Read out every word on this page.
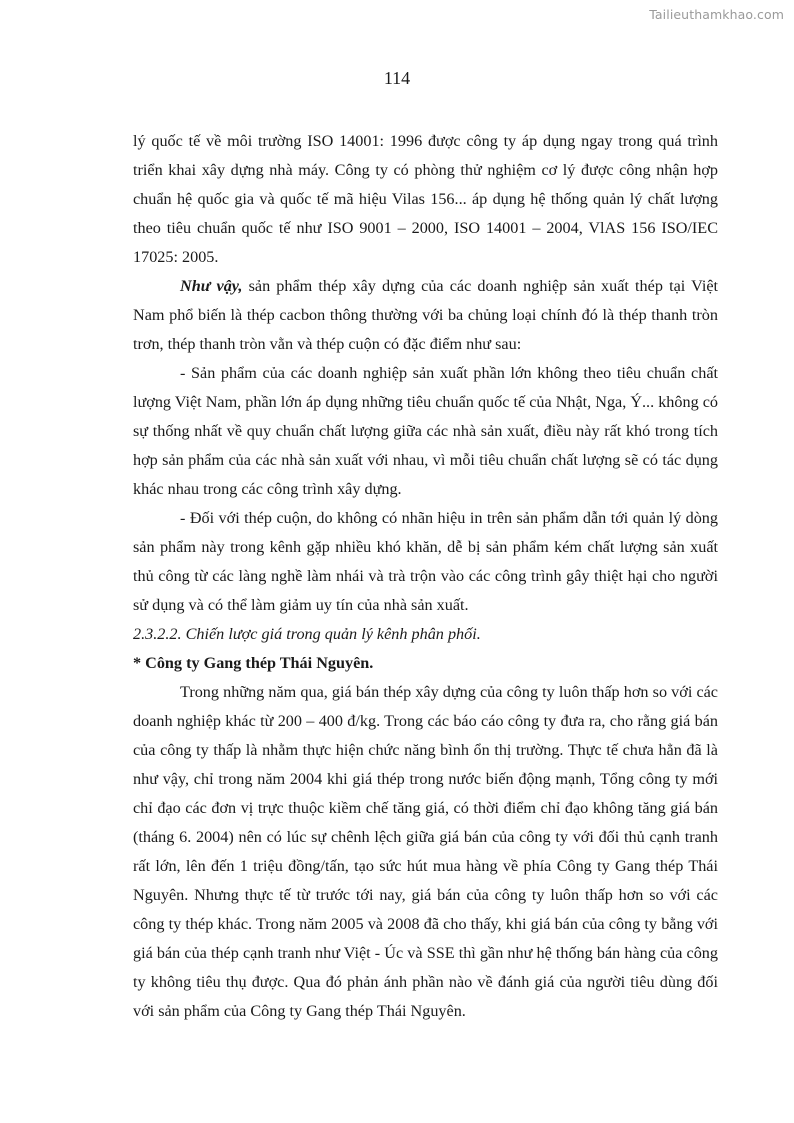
Tailieuthamkhao.com
114

lý quốc tế về môi trường ISO 14001: 1996 được công ty áp dụng ngay trong quá trình triển khai xây dựng nhà máy. Công ty có phòng thử nghiệm cơ lý được công nhận hợp chuẩn hệ quốc gia và quốc tế mã hiệu Vilas 156... áp dụng hệ thống quản lý chất lượng theo tiêu chuẩn quốc tế như ISO 9001 – 2000, ISO 14001 – 2004, VlAS 156 ISO/IEC 17025: 2005.

Như vậy, sản phẩm thép xây dựng của các doanh nghiệp sản xuất thép tại Việt Nam phổ biến là thép cacbon thông thường với ba chủng loại chính đó là thép thanh tròn trơn, thép thanh tròn vằn và thép cuộn có đặc điểm như sau:

- Sản phẩm của các doanh nghiệp sản xuất phần lớn không theo tiêu chuẩn chất lượng Việt Nam, phần lớn áp dụng những tiêu chuẩn quốc tế của Nhật, Nga, Ý... không có sự thống nhất về quy chuẩn chất lượng giữa các nhà sản xuất, điều này rất khó trong tích hợp sản phẩm của các nhà sản xuất với nhau, vì mỗi tiêu chuẩn chất lượng sẽ có tác dụng khác nhau trong các công trình xây dựng.

- Đối với thép cuộn, do không có nhãn hiệu in trên sản phẩm dẫn tới quản lý dòng sản phẩm này trong kênh gặp nhiều khó khăn, dễ bị sản phẩm kém chất lượng sản xuất thủ công từ các làng nghề làm nhái và trà trộn vào các công trình gây thiệt hại cho người sử dụng và có thể làm giảm uy tín của nhà sản xuất.

2.3.2.2. Chiến lược giá trong quản lý kênh phân phối.

* Công ty Gang thép Thái Nguyên.

Trong những năm qua, giá bán thép xây dựng của công ty luôn thấp hơn so với các doanh nghiệp khác từ 200 – 400 đ/kg. Trong các báo cáo công ty đưa ra, cho rằng giá bán của công ty thấp là nhằm thực hiện chức năng bình ổn thị trường. Thực tế chưa hẳn đã là như vậy, chỉ trong năm 2004 khi giá thép trong nước biến động mạnh, Tổng công ty mới chỉ đạo các đơn vị trực thuộc kiềm chế tăng giá, có thời điểm chỉ đạo không tăng giá bán (tháng 6. 2004) nên có lúc sự chênh lệch giữa giá bán của công ty với đối thủ cạnh tranh rất lớn, lên đến 1 triệu đồng/tấn, tạo sức hút mua hàng về phía Công ty Gang thép Thái Nguyên. Nhưng thực tế từ trước tới nay, giá bán của công ty luôn thấp hơn so với các công ty thép khác. Trong năm 2005 và 2008 đã cho thấy, khi giá bán của công ty bằng với giá bán của thép cạnh tranh như Việt - Úc và SSE thì gần như hệ thống bán hàng của công ty không tiêu thụ được. Qua đó phản ánh phần nào về đánh giá của người tiêu dùng đối với sản phẩm của Công ty Gang thép Thái Nguyên.
